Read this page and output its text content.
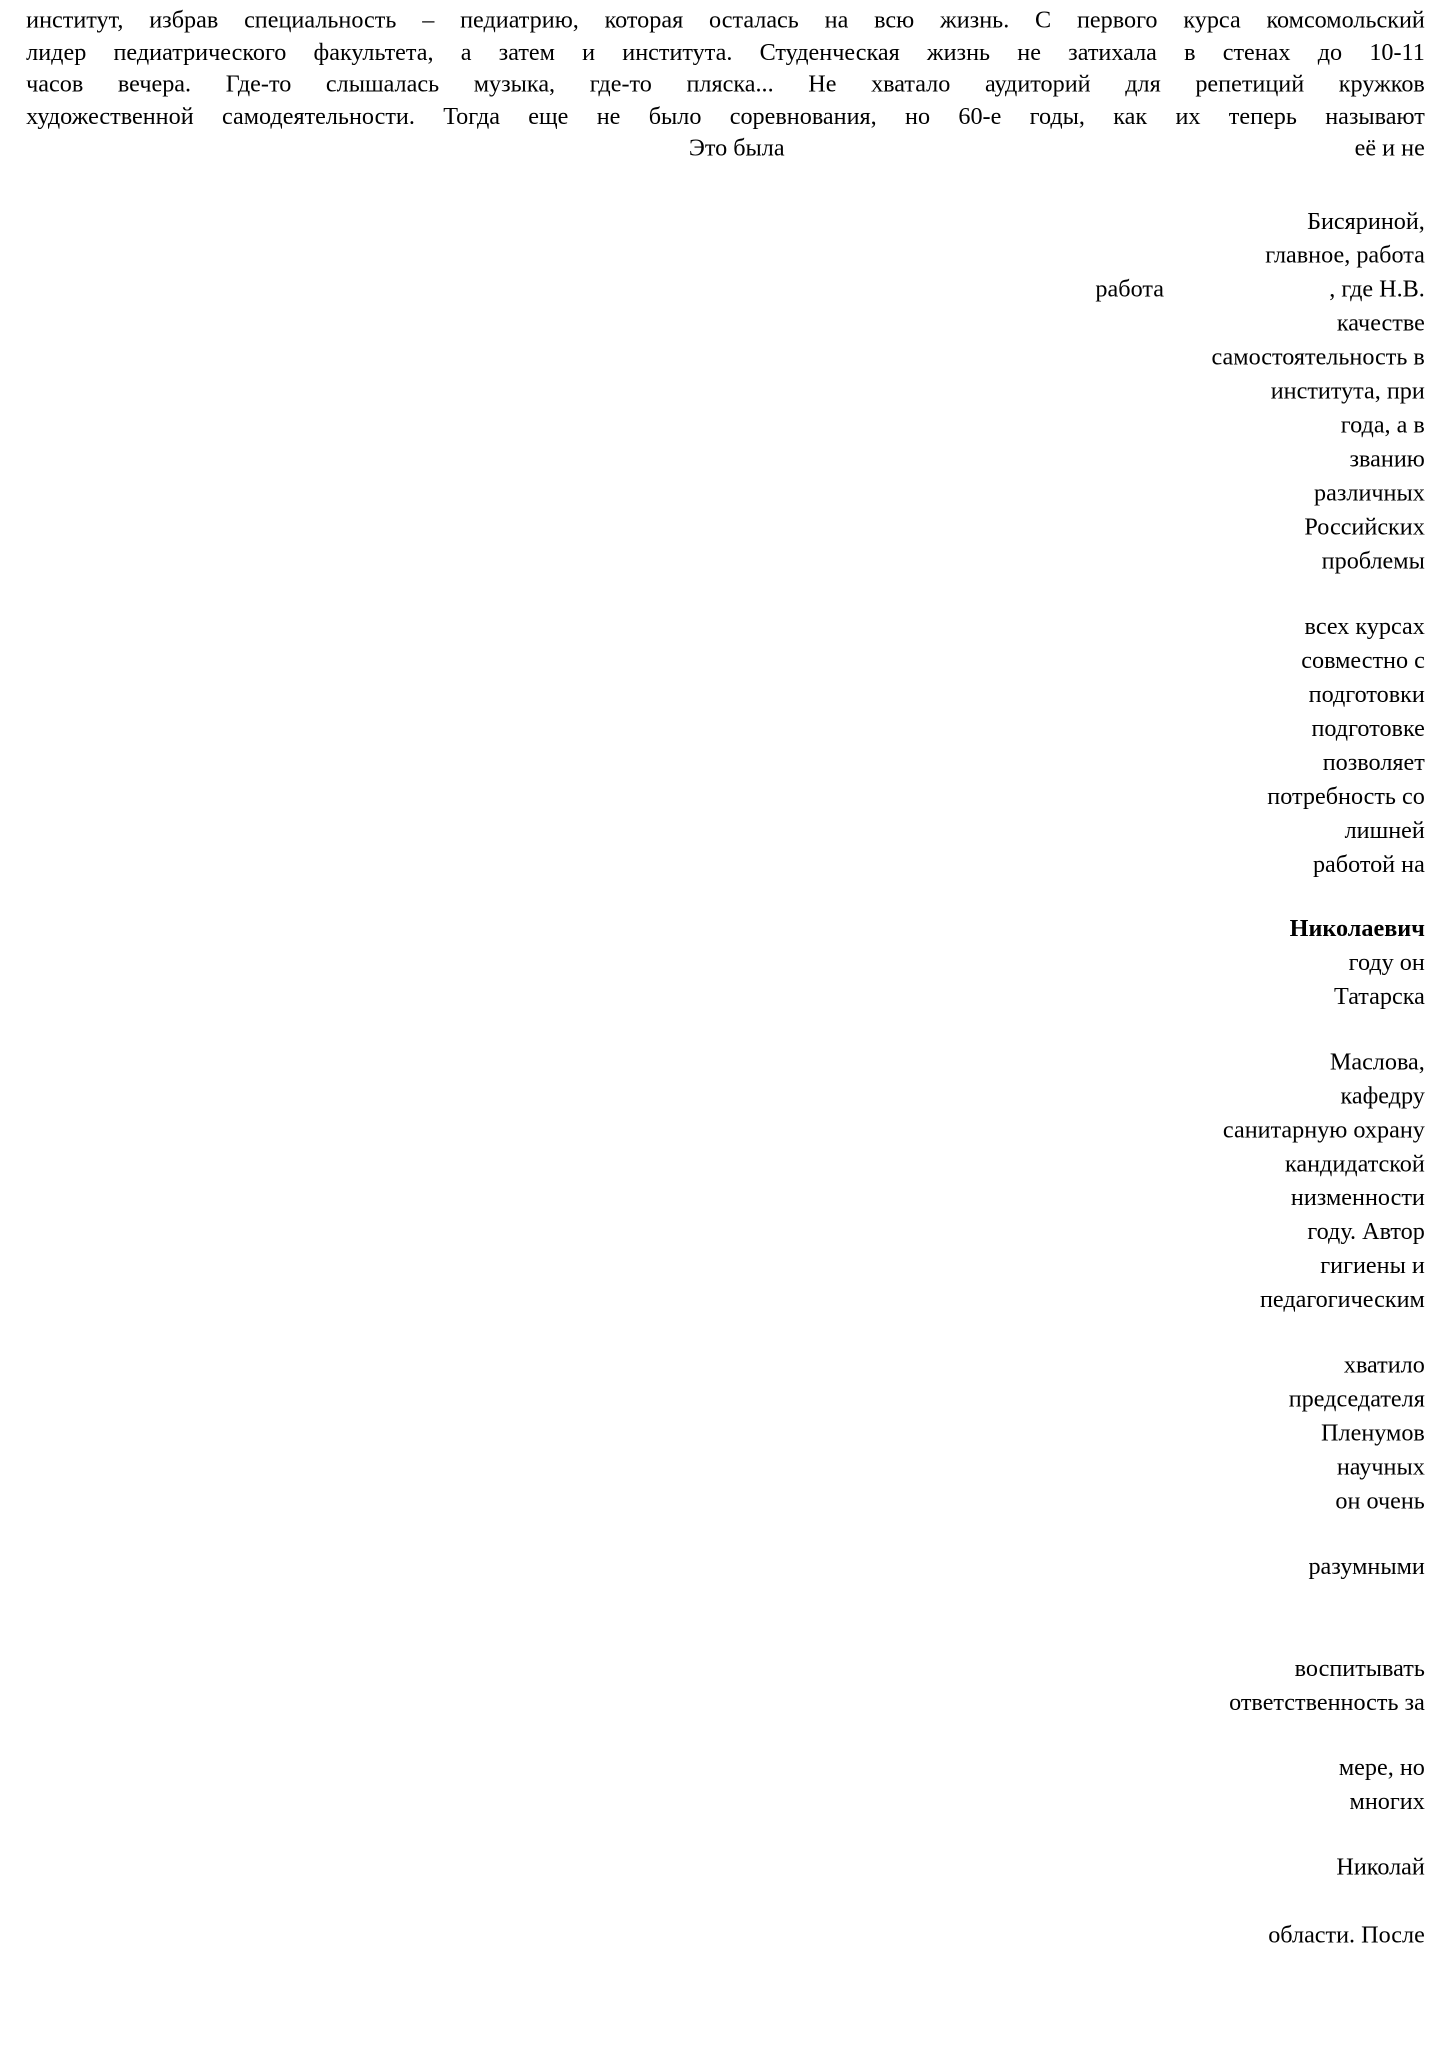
институт, избрав специальность – педиатрию, которая осталась на всю жизнь. С первого курса комсомольский
лидер педиатрического факультета, а затем и института. Студенческая жизнь не затихала в стенах до 10-11
часов вечера. Где-то слышалась музыка, где-то пляска... Не хватало аудиторий для репетиций кружков
художественной самодеятельности. Тогда еще не было соревнования, но 60-е годы, как их теперь называют
Это была	её и не
Бисяриной,
главное, работа
работа	, где Н.В.
качестве
самостоятельность в
института, при
года, а в
званию
различных
Российских
проблемы
всех курсах
совместно с
подготовки
подготовке
позволяет
потребность со
лишней
работой на
Николаевич
году он
Татарска
Маслова,
кафедру
санитарную охрану
кандидатской
низменности
году. Автор
гигиены и
педагогическим
хватило
председателя
Пленумов
научных
он очень
разумными
воспитывать
ответственность за
мере, но
многих
Николай
области. После
